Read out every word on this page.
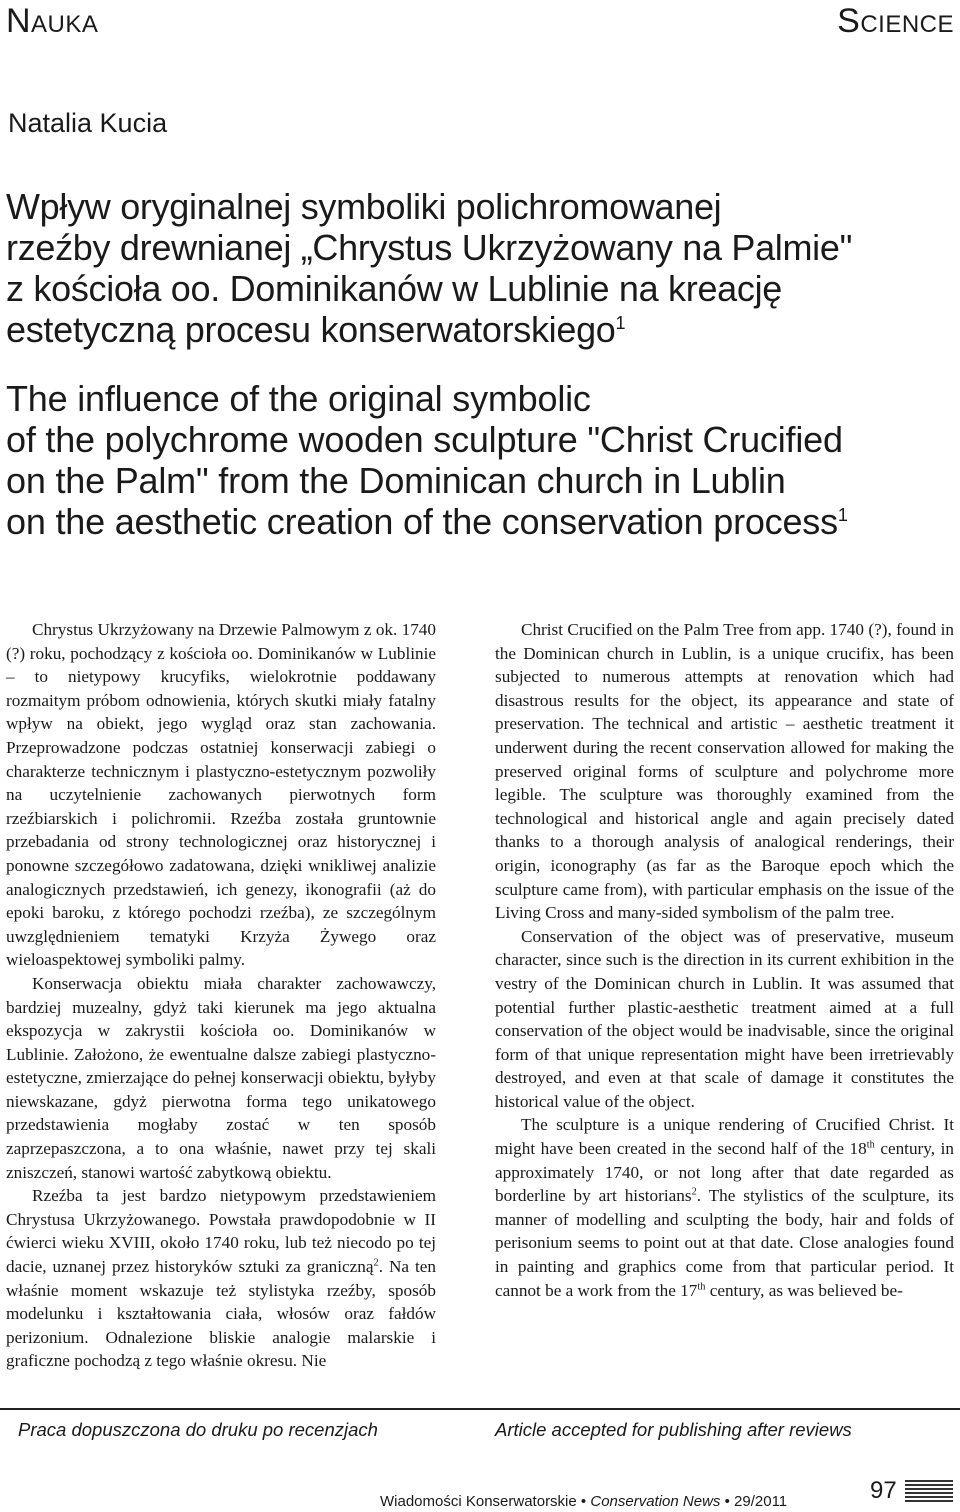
Nauka	Science
Natalia Kucia
Wpływ oryginalnej symboliki polichromowanej
rzeźby drewnianej „Chrystus Ukrzyżowany na Palmie"
z kościoła oo. Dominikanów w Lublinie na kreację
estetyczną procesu konserwatorskiego$^1$
The influence of the original symbolic
of the polychrome wooden sculpture "Christ Crucified
on the Palm" from the Dominican church in Lublin
on the aesthetic creation of the conservation process$^1$

Chrystus Ukrzyżowany na Drzewie Palmowym z ok. 1740 (?) roku, pochodzący z kościoła oo. Dominikanów w Lublinie – to nietypowy krucyfiks, wielokrotnie poddawany rozmaitym próbom odnowienia, których skutki miały fatalny wpływ na obiekt, jego wygląd oraz stan zachowania. Przeprowadzone podczas ostatniej konserwacji zabiegi o charakterze technicznym i plastyczno-estetycznym pozwoliły na uczytelnienie zachowanych pierwotnych form rzeźbiarskich i polichromii. Rzeźba została gruntownie przebadania od strony technologicznej oraz historycznej i ponowne szczegółowo zadatowana, dzięki wnikliwej analizie analogicznych przedstawień, ich genezy, ikonografii (aż do epoki baroku, z którego pochodzi rzeźba), ze szczególnym uwzględnieniem tematyki Krzyża Żywego oraz wieloaspektowej symboliki palmy.

Konserwacja obiektu miała charakter zachowawczy, bardziej muzealny, gdyż taki kierunek ma jego aktualna ekspozycja w zakrystii kościoła oo. Dominikanów w Lublinie. Założono, że ewentualne dalsze zabiegi plastyczno-estetyczne, zmierzające do pełnej konserwacji obiektu, byłyby niewskazane, gdyż pierwotna forma tego unikatowego przedstawienia mogłaby zostać w ten sposób zaprzepaszczona, a to ona właśnie, nawet przy tej skali zniszczeń, stanowi wartość zabytkową obiektu.

Rzeźba ta jest bardzo nietypowym przedstawieniem Chrystusa Ukrzyżowanego. Powstała prawdopodobnie w II ćwierci wieku XVIII, około 1740 roku, lub też niecodo po tej dacie, uznanej przez historyków sztuki za graniczną$^2$. Na ten właśnie moment wskazuje też stylistyka rzeźby, sposób modelunku i kształtowania ciała, włosów oraz fałdów perizonium. Odnalezione bliskie analogie malarskie i graficzne pochodzą z tego właśnie okresu. Nie

Christ Crucified on the Palm Tree from app. 1740 (?), found in the Dominican church in Lublin, is a unique crucifix, has been subjected to numerous attempts at renovation which had disastrous results for the object, its appearance and state of preservation. The technical and artistic – aesthetic treatment it underwent during the recent conservation allowed for making the preserved original forms of sculpture and polychrome more legible. The sculpture was thoroughly examined from the technological and historical angle and again precisely dated thanks to a thorough analysis of analogical renderings, their origin, iconography (as far as the Baroque epoch which the sculpture came from), with particular emphasis on the issue of the Living Cross and many-sided symbolism of the palm tree.

Conservation of the object was of preservative, museum character, since such is the direction in its current exhibition in the vestry of the Dominican church in Lublin. It was assumed that potential further plastic-aesthetic treatment aimed at a full conservation of the object would be inadvisable, since the original form of that unique representation might have been irretrievably destroyed, and even at that scale of damage it constitutes the historical value of the object.

The sculpture is a unique rendering of Crucified Christ. It might have been created in the second half of the 18th century, in approximately 1740, or not long after that date regarded as borderline by art historians$^2$. The stylistics of the sculpture, its manner of modelling and sculpting the body, hair and folds of perisonium seems to point out at that date. Close analogies found in painting and graphics come from that particular period. It cannot be a work from the 17th century, as was believed be-

Praca dopuszczona do druku po recenzjach	Article accepted for publishing after reviews
Wiadomości Konserwatorskie • Conservation News • 29/2011	97
